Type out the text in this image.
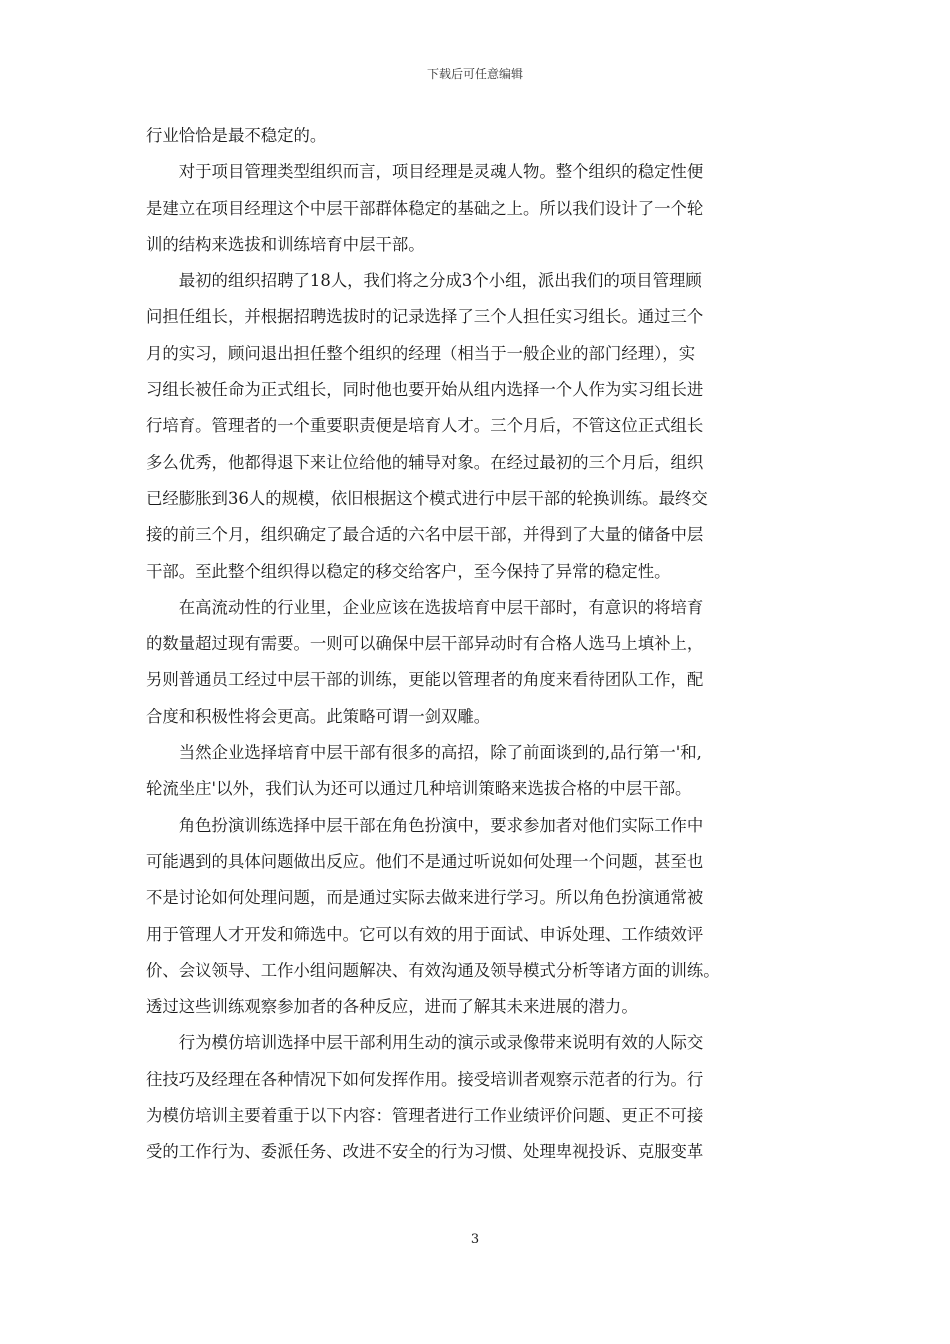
下载后可任意编辑

行业恰恰是最不稳定的。

　　对于项目管理类型组织而言，项目经理是灵魂人物。整个组织的稳定性便
是建立在项目经理这个中层干部群体稳定的基础之上。所以我们设计了一个轮
训的结构来选拔和训练培育中层干部。

　　最初的组织招聘了18人，我们将之分成3个小组，派出我们的项目管理顾
问担任组长，并根据招聘选拔时的记录选择了三个人担任实习组长。通过三个
月的实习，顾问退出担任整个组织的经理（相当于一般企业的部门经理），实
习组长被任命为正式组长，同时他也要开始从组内选择一个人作为实习组长进
行培育。管理者的一个重要职责便是培育人才。三个月后，不管这位正式组长
多么优秀，他都得退下来让位给他的辅导对象。在经过最初的三个月后，组织
已经膨胀到36人的规模，依旧根据这个模式进行中层干部的轮换训练。最终交
接的前三个月，组织确定了最合适的六名中层干部，并得到了大量的储备中层
干部。至此整个组织得以稳定的移交给客户，至今保持了异常的稳定性。

　　在高流动性的行业里，企业应该在选拔培育中层干部时，有意识的将培育
的数量超过现有需要。一则可以确保中层干部异动时有合格人选马上填补上，
另则普通员工经过中层干部的训练，更能以管理者的角度来看待团队工作，配
合度和积极性将会更高。此策略可谓一剑双雕。

　　当然企业选择培育中层干部有很多的高招，除了前面谈到的,品行第一'和,
轮流坐庄'以外，我们认为还可以通过几种培训策略来选拔合格的中层干部。

　　角色扮演训练选择中层干部在角色扮演中，要求参加者对他们实际工作中
可能遇到的具体问题做出反应。他们不是通过听说如何处理一个问题，甚至也
不是讨论如何处理问题，而是通过实际去做来进行学习。所以角色扮演通常被
用于管理人才开发和筛选中。它可以有效的用于面试、申诉处理、工作绩效评
价、会议领导、工作小组问题解决、有效沟通及领导模式分析等诸方面的训练。
透过这些训练观察参加者的各种反应，进而了解其未来进展的潜力。

　　行为模仿培训选择中层干部利用生动的演示或录像带来说明有效的人际交
往技巧及经理在各种情况下如何发挥作用。接受培训者观察示范者的行为。行
为模仿培训主要着重于以下内容：管理者进行工作业绩评价问题、更正不可接
受的工作行为、委派任务、改进不安全的行为习惯、处理卑视投诉、克服变革

3
